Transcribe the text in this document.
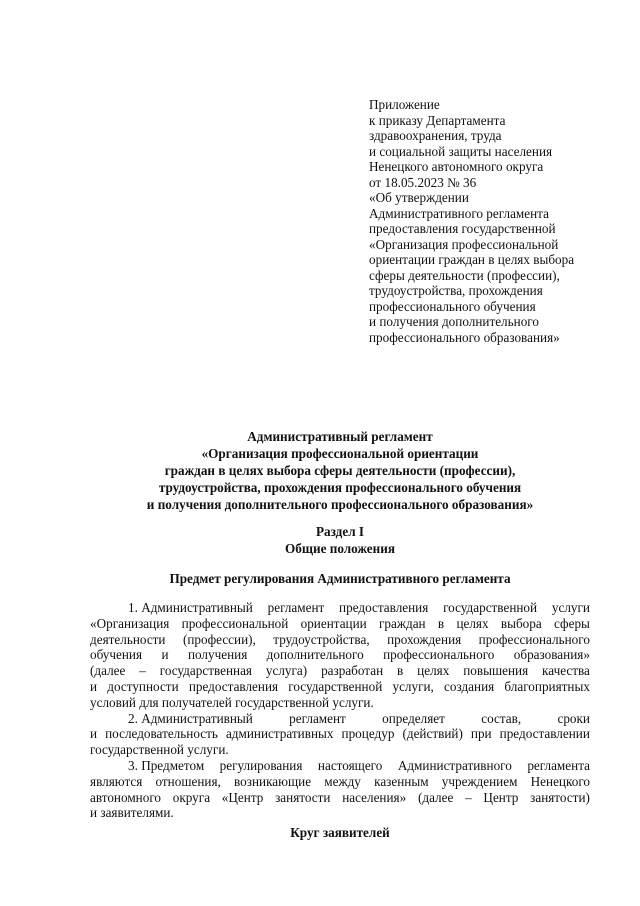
Приложение
к приказу Департамента
здравоохранения, труда
и социальной защиты населения
Ненецкого автономного округа
от 18.05.2023 № 36
«Об утверждении
Административного регламента
предоставления государственной
«Организация профессиональной
ориентации граждан в целях выбора
сферы деятельности (профессии),
трудоустройства, прохождения
профессионального обучения
и получения дополнительного
профессионального образования»
Административный регламент
«Организация профессиональной ориентации
граждан в целях выбора сферы деятельности (профессии),
трудоустройства, прохождения профессионального обучения
и получения дополнительного профессионального образования»
Раздел I
Общие положения
Предмет регулирования Административного регламента
1. Административный регламент предоставления государственной услуги
«Организация профессиональной ориентации граждан в целях выбора сферы
деятельности (профессии), трудоустройства, прохождения профессионального
обучения и получения дополнительного профессионального образования»
(далее – государственная услуга) разработан в целях повышения качества
и доступности предоставления государственной услуги, создания благоприятных
условий для получателей государственной услуги.
2. Административный	регламент	определяет	состав,	сроки
и последовательность административных процедур (действий) при предоставлении
государственной услуги.
3. Предметом регулирования настоящего Административного регламента
являются отношения, возникающие между казенным учреждением Ненецкого
автономного округа «Центр занятости населения» (далее – Центр занятости)
и заявителями.
Круг заявителей
